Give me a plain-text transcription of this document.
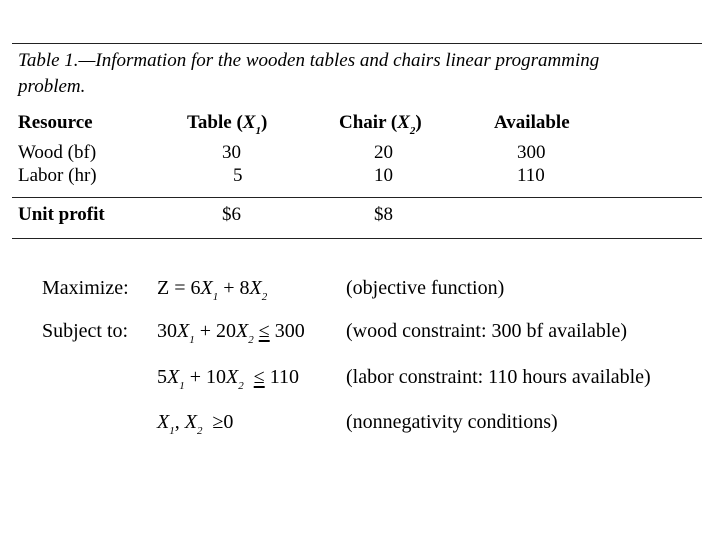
Table 1.—Information for the wooden tables and chairs linear programming
problem.
Resource	Table $(X_1)$	Chair $(X_2)$	Available
Wood (bf)	30	20	300
Labor (hr)	5	10	110
Unit profit	$6	$8
Maximize: $Z = 6X_1 + 8X_2$	(objective function)
Subject to: $30X_1 + 20X_2 \le 300$ (wood constraint: 300 bf available)
$5X_1 + 10X_2 \le 110$ (labor constraint: 110 hours available)
$X_1$, $X_2 \ge 0$	(nonnegativity conditions)
